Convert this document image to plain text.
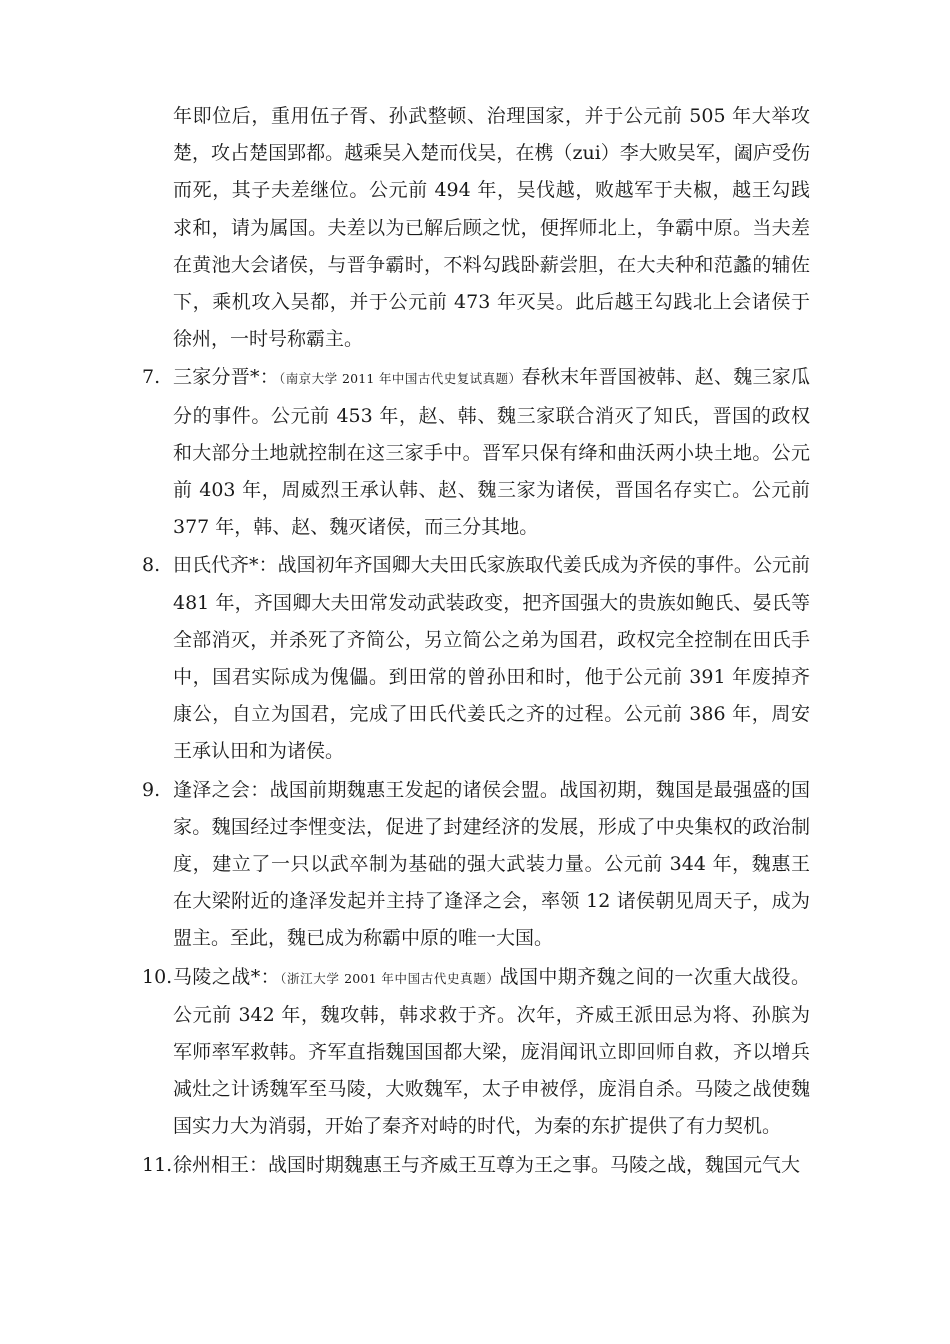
年即位后，重用伍子胥、孙武整顿、治理国家，并于公元前 505 年大举攻楚，攻占楚国郢都。越乘吴入楚而伐吴，在槜（zui）李大败吴军，阖庐受伤而死，其子夫差继位。公元前 494 年，吴伐越，败越军于夫椒，越王勾践求和，请为属国。夫差以为已解后顾之忧，便挥师北上，争霸中原。当夫差在黄池大会诸侯，与晋争霸时，不料勾践卧薪尝胆，在大夫种和范蠡的辅佐下，乘机攻入吴都，并于公元前 473 年灭吴。此后越王勾践北上会诸侯于徐州，一时号称霸主。
7. 三家分晋*：（南京大学 2011 年中国古代史复试真题）春秋末年晋国被韩、赵、魏三家瓜分的事件。公元前 453 年，赵、韩、魏三家联合消灭了知氏，晋国的政权和大部分土地就控制在这三家手中。晋军只保有绛和曲沃两小块土地。公元前 403 年，周威烈王承认韩、赵、魏三家为诸侯，晋国名存实亡。公元前 377 年，韩、赵、魏灭诸侯，而三分其地。
8. 田氏代齐*：战国初年齐国卿大夫田氏家族取代姜氏成为齐侯的事件。公元前 481 年，齐国卿大夫田常发动武装政变，把齐国强大的贵族如鲍氏、晏氏等全部消灭，并杀死了齐简公，另立简公之弟为国君，政权完全控制在田氏手中，国君实际成为傀儡。到田常的曾孙田和时，他于公元前 391 年废掉齐康公，自立为国君，完成了田氏代姜氏之齐的过程。公元前 386 年，周安王承认田和为诸侯。
9. 逢泽之会：战国前期魏惠王发起的诸侯会盟。战国初期，魏国是最强盛的国家。魏国经过李悝变法，促进了封建经济的发展，形成了中央集权的政治制度，建立了一只以武卒制为基础的强大武装力量。公元前 344 年，魏惠王在大梁附近的逢泽发起并主持了逢泽之会，率领 12 诸侯朝见周天子，成为盟主。至此，魏已成为称霸中原的唯一大国。
10. 马陵之战*：（浙江大学 2001 年中国古代史真题）战国中期齐魏之间的一次重大战役。公元前 342 年，魏攻韩，韩求救于齐。次年，齐威王派田忌为将、孙膑为军师率军救韩。齐军直指魏国国都大梁，庞涓闻讯立即回师自救，齐以增兵减灶之计诱魏军至马陵，大败魏军，太子申被俘，庞涓自杀。马陵之战使魏国实力大为消弱，开始了秦齐对峙的时代，为秦的东扩提供了有力契机。
11. 徐州相王：战国时期魏惠王与齐威王互尊为王之事。马陵之战，魏国元气大
